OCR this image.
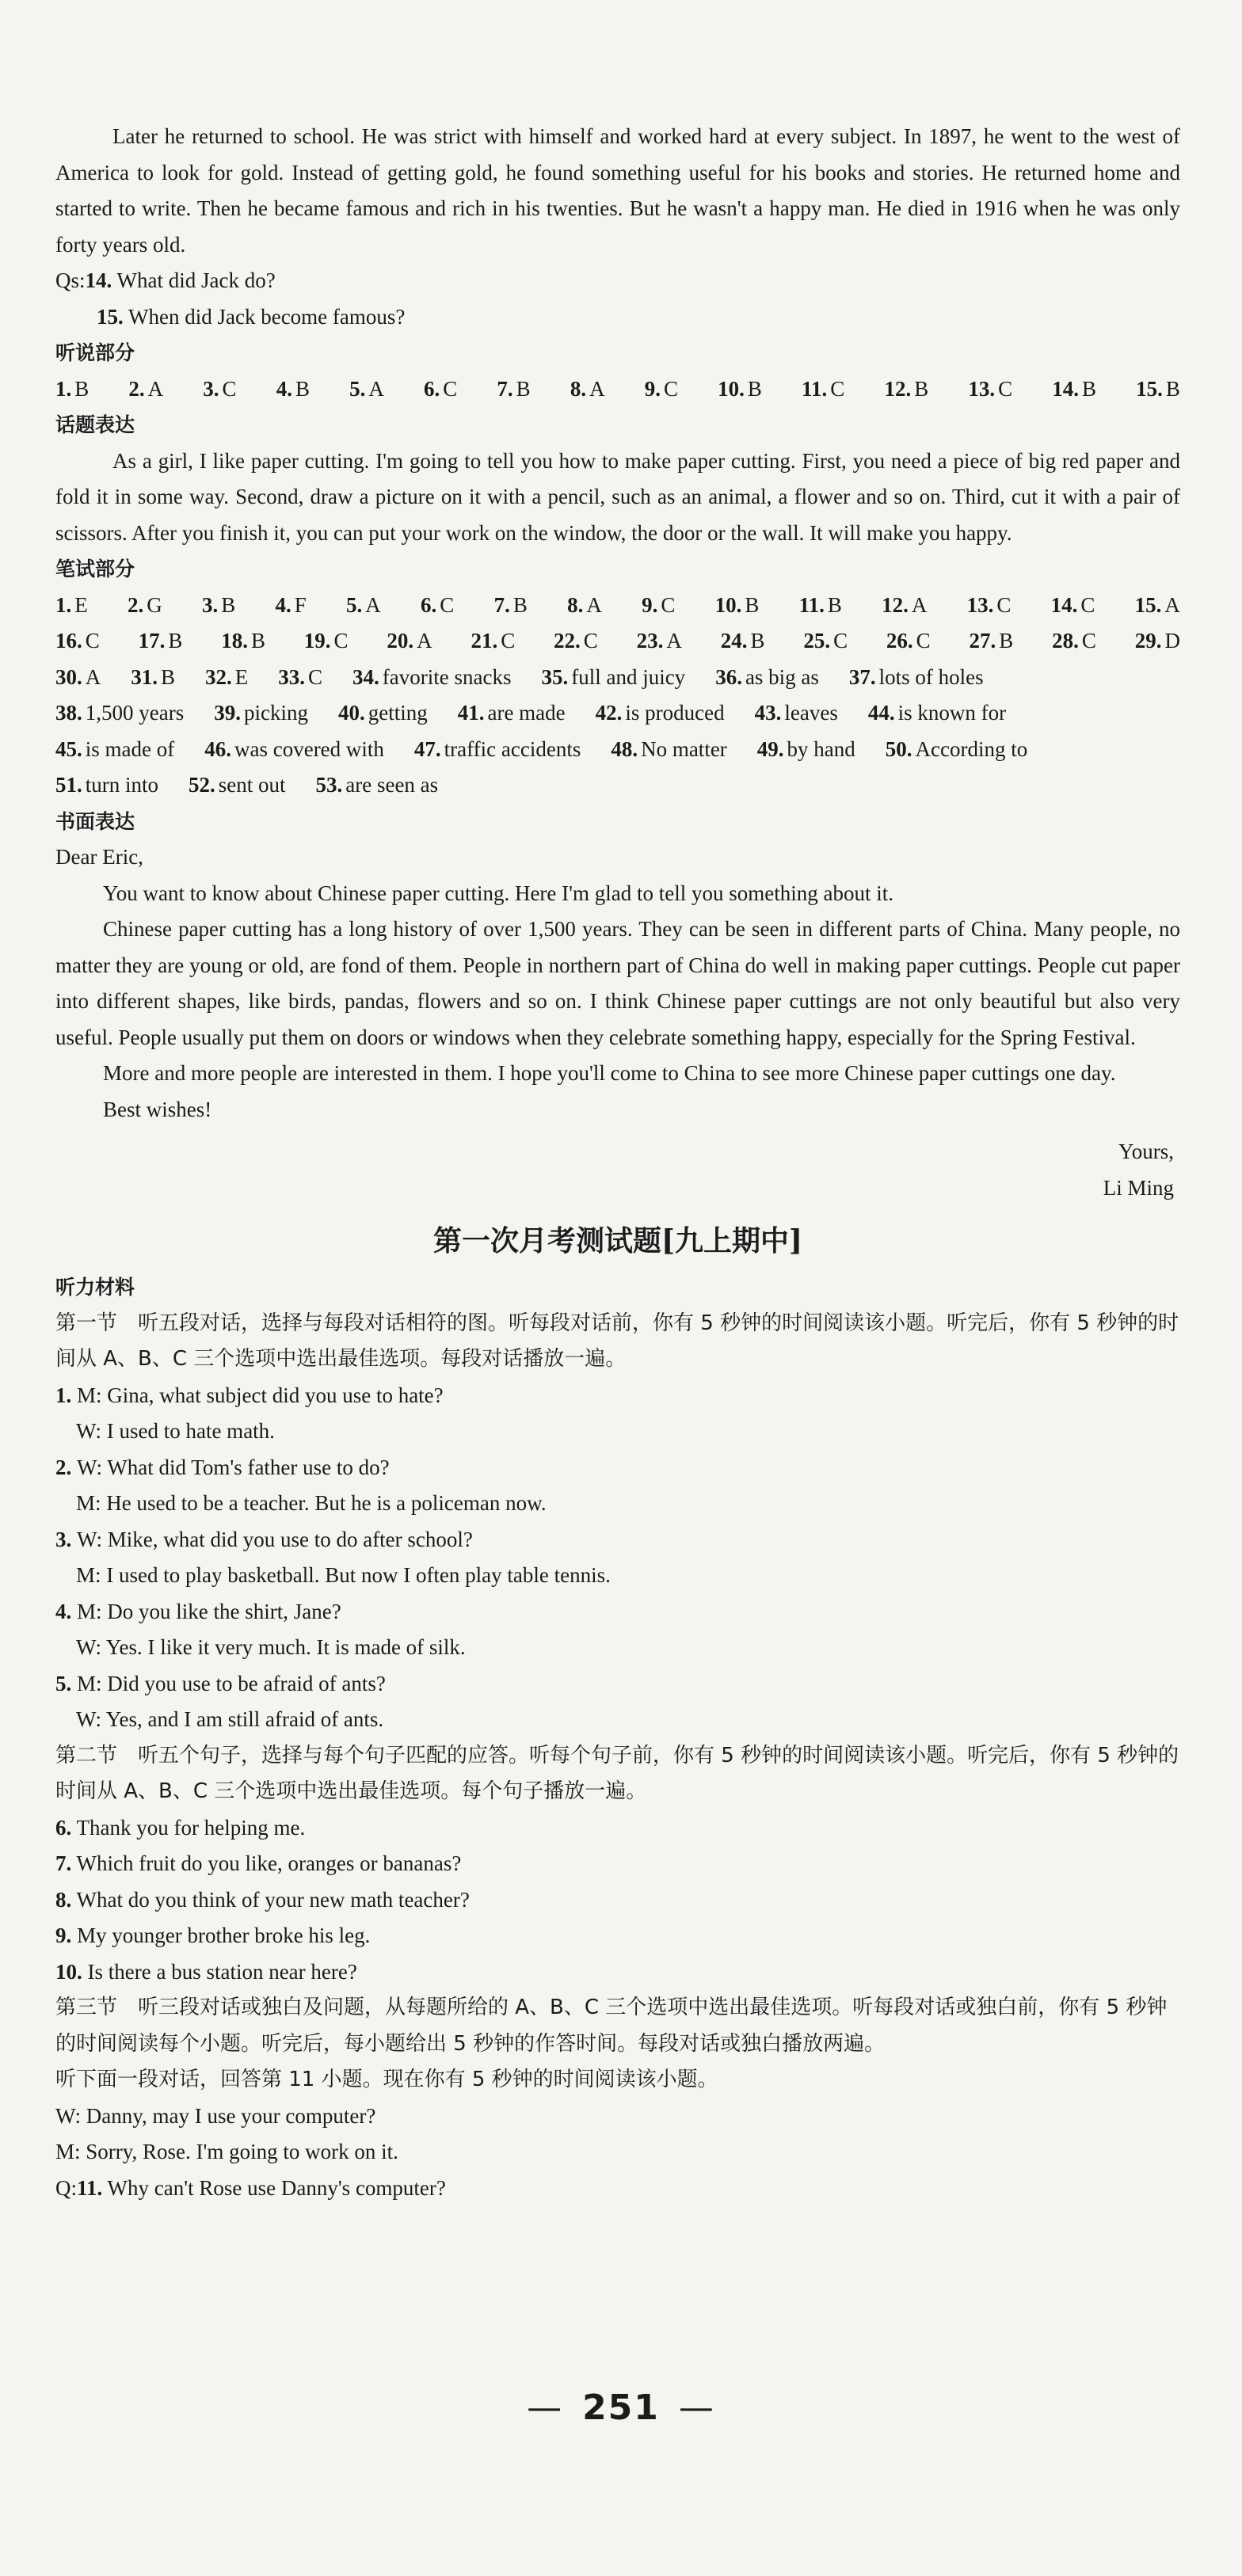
Later he returned to school. He was strict with himself and worked hard at every subject. In 1897, he went to the west of America to look for gold. Instead of getting gold, he found something useful for his books and stories. He returned home and started to write. Then he became famous and rich in his twenties. But he wasn't a happy man. He died in 1916 when he was only forty years old.

Qs:14. What did Jack do?

15. When did Jack become famous?

听说部分

1.B 2.A 3.C 4.B 5.A 6.C 7.B 8.A 9.C 10.B 11.C 12.B 13.C 14.B 15.B

话题表达

As a girl, I like paper cutting. I'm going to tell you how to make paper cutting. First, you need a piece of big red paper and fold it in some way. Second, draw a picture on it with a pencil, such as an animal, a flower and so on. Third, cut it with a pair of scissors. After you finish it, you can put your work on the window, the door or the wall. It will make you happy.

笔试部分

1.E 2.G 3.B 4.F 5.A 6.C 7.B 8.A 9.C 10.B 11.B 12.A 13.C 14.C 15.A
16.C 17.B 18.B 19.C 20.A 21.C 22.C 23.A 24.B 25.C 26.C 27.B 28.C 29.D
30.A 31.B 32.E 33.C 34.favorite snacks 35.full and juicy 36.as big as 37.lots of holes
38.1,500 years 39.picking 40.getting 41.are made 42.is produced 43.leaves 44.is known for
45.is made of 46.was covered with 47.traffic accidents 48.No matter 49.by hand 50.According to
51.turn into 52.sent out 53.are seen as

书面表达

Dear Eric,

You want to know about Chinese paper cutting. Here I'm glad to tell you something about it.

Chinese paper cutting has a long history of over 1,500 years. They can be seen in different parts of China. Many people, no matter they are young or old, are fond of them. People in northern part of China do well in making paper cuttings. People cut paper into different shapes, like birds, pandas, flowers and so on. I think Chinese paper cuttings are not only beautiful but also very useful. People usually put them on doors or windows when they celebrate something happy, especially for the Spring Festival.

More and more people are interested in them. I hope you'll come to China to see more Chinese paper cuttings one day.

Best wishes!

Yours,

Li Ming

第一次月考测试题[九上期中]

听力材料

第一节　听五段对话，选择与每段对话相符的图。听每段对话前，你有 5 秒钟的时间阅读该小题。听完后，你有 5 秒钟的时间从 A、B、C 三个选项中选出最佳选项。每段对话播放一遍。

1. M: Gina, what subject did you use to hate?

W: I used to hate math.

2. W: What did Tom's father use to do?

M: He used to be a teacher. But he is a policeman now.

3. W: Mike, what did you use to do after school?

M: I used to play basketball. But now I often play table tennis.

4. M: Do you like the shirt, Jane?

W: Yes. I like it very much. It is made of silk.

5. M: Did you use to be afraid of ants?

W: Yes, and I am still afraid of ants.

第二节　听五个句子，选择与每个句子匹配的应答。听每个句子前，你有 5 秒钟的时间阅读该小题。听完后，你有 5 秒钟的时间从 A、B、C 三个选项中选出最佳选项。每个句子播放一遍。

6. Thank you for helping me.

7. Which fruit do you like, oranges or bananas?

8. What do you think of your new math teacher?

9. My younger brother broke his leg.

10. Is there a bus station near here?

第三节　听三段对话或独白及问题，从每题所给的 A、B、C 三个选项中选出最佳选项。听每段对话或独白前，你有 5 秒钟的时间阅读每个小题。听完后，每小题给出 5 秒钟的作答时间。每段对话或独白播放两遍。

听下面一段对话，回答第 11 小题。现在你有 5 秒钟的时间阅读该小题。

W: Danny, may I use your computer?

M: Sorry, Rose. I'm going to work on it.

Q:11. Why can't Rose use Danny's computer?

— 251 —
